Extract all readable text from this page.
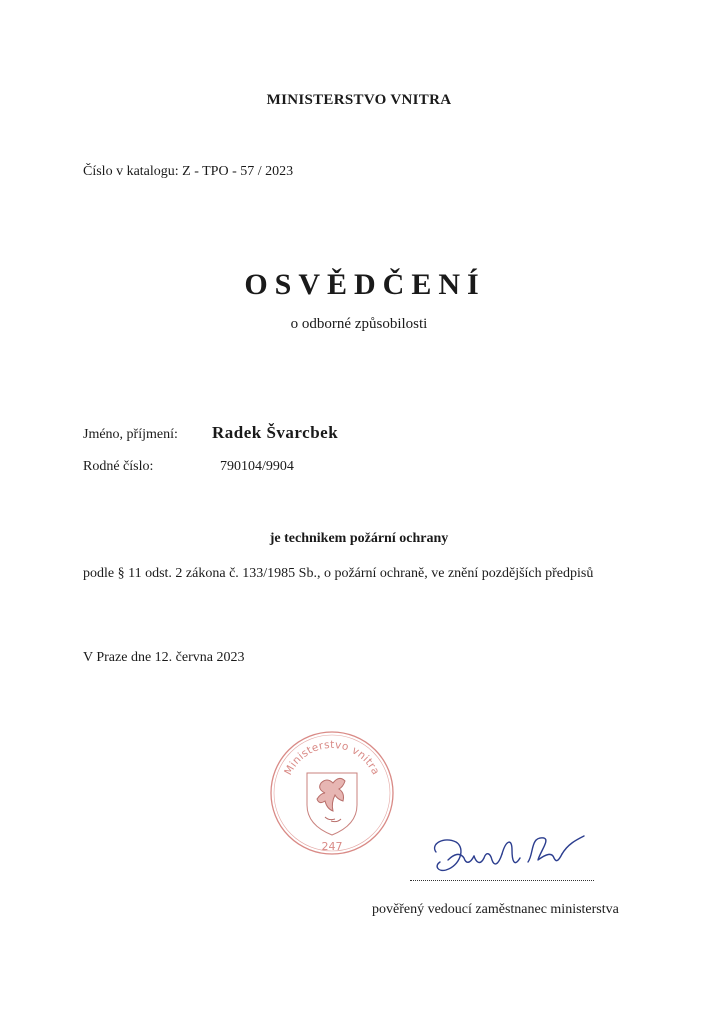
MINISTERSTVO VNITRA
Číslo v katalogu: Z - TPO - 57 / 2023
OSVĚDČENÍ
o odborné způsobilosti
Jméno, příjmení: Radek Švarcbek
Rodné číslo:	790104/9904
je technikem požární ochrany
podle § 11 odst. 2 zákona č. 133/1985 Sb., o požární ochraně, ve znění pozdějších předpisů
V Praze dne 12. června 2023
Ministerstvo vnitra
247
pověřený vedoucí zaměstnanec ministerstva
